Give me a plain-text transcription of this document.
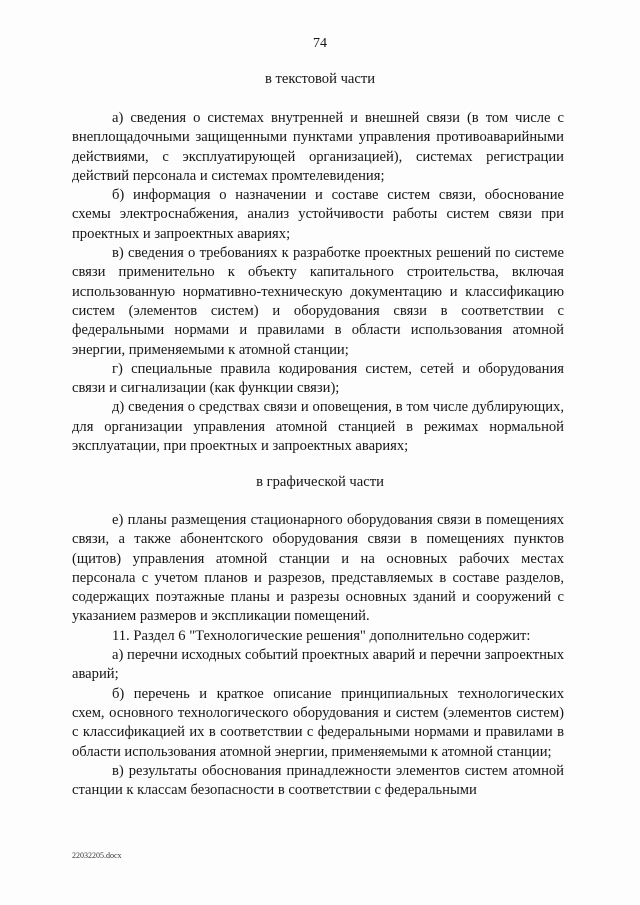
74
в текстовой части

а) сведения о системах внутренней и внешней связи (в том числе с внеплощадочными защищенными пунктами управления противоаварийными действиями, с эксплуатирующей организацией), системах регистрации действий персонала и системах промтелевидения;

б) информация о назначении и составе систем связи, обоснование схемы электроснабжения, анализ устойчивости работы систем связи при проектных и запроектных авариях;

в) сведения о требованиях к разработке проектных решений по системе связи применительно к объекту капитального строительства, включая использованную нормативно-техническую документацию и классификацию систем (элементов систем) и оборудования связи в соответствии с федеральными нормами и правилами в области использования атомной энергии, применяемыми к атомной станции;

г) специальные правила кодирования систем, сетей и оборудования связи и сигнализации (как функции связи);

д) сведения о средствах связи и оповещения, в том числе дублирующих, для организации управления атомной станцией в режимах нормальной эксплуатации, при проектных и запроектных авариях;

в графической части

е) планы размещения стационарного оборудования связи в помещениях связи, а также абонентского оборудования связи в помещениях пунктов (щитов) управления атомной станции и на основных рабочих местах персонала с учетом планов и разрезов, представляемых в составе разделов, содержащих поэтажные планы и разрезы основных зданий и сооружений с указанием размеров и экспликации помещений.

11. Раздел 6 "Технологические решения" дополнительно содержит:

а) перечни исходных событий проектных аварий и перечни запроектных аварий;

б) перечень и краткое описание принципиальных технологических схем, основного технологического оборудования и систем (элементов систем) с классификацией их в соответствии с федеральными нормами и правилами в области использования атомной энергии, применяемыми к атомной станции;

в) результаты обоснования принадлежности элементов систем атомной станции к классам безопасности в соответствии с федеральными

22032205.docx
